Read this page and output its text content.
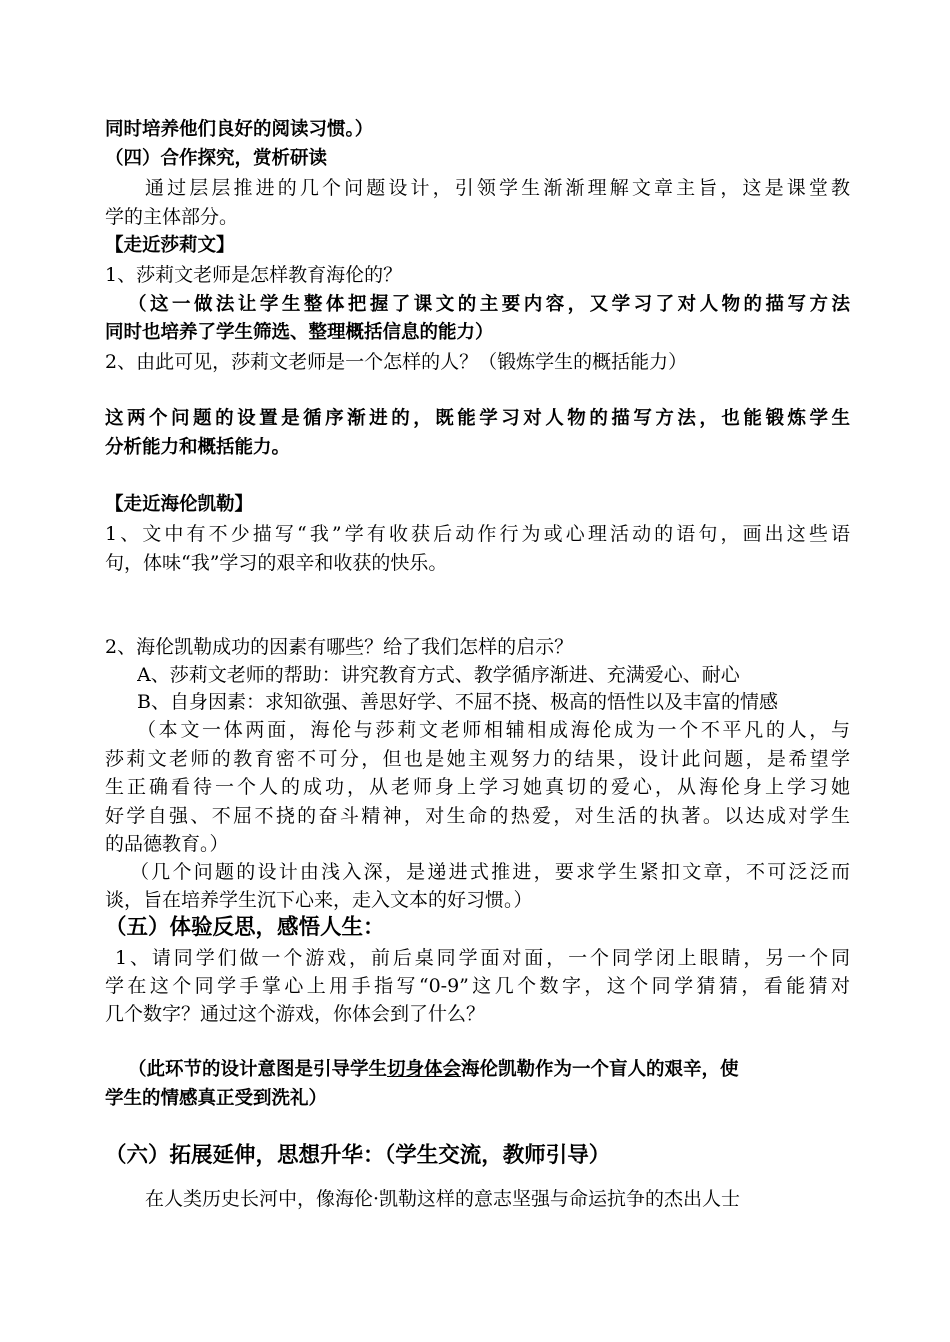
同时培养他们良好的阅读习惯。）
（四）合作探究，赏析研读
通过层层推进的几个问题设计，引领学生渐渐理解文章主旨，这是课堂教
学的主体部分。
【走近莎莉文】
1、莎莉文老师是怎样教育海伦的？
（这一做法让学生整体把握了课文的主要内容，又学习了对人物的描写方法
同时也培养了学生筛选、整理概括信息的能力）
2、由此可见，莎莉文老师是一个怎样的人？（锻炼学生的概括能力）
这两个问题的设置是循序渐进的，既能学习对人物的描写方法，也能锻炼学生
分析能力和概括能力。
【走近海伦凯勒】
1、文中有不少描写“我”学有收获后动作行为或心理活动的语句，画出这些语
句，体味“我”学习的艰辛和收获的快乐。
2、海伦凯勒成功的因素有哪些？给了我们怎样的启示？
A、莎莉文老师的帮助：讲究教育方式、教学循序渐进、充满爱心、耐心
B、自身因素：求知欲强、善思好学、不屈不挠、极高的悟性以及丰富的情感
（本文一体两面，海伦与莎莉文老师相辅相成海伦成为一个不平凡的人，与
莎莉文老师的教育密不可分，但也是她主观努力的结果，设计此问题，是希望学
生正确看待一个人的成功，从老师身上学习她真切的爱心，从海伦身上学习她
好学自强、不屈不挠的奋斗精神，对生命的热爱，对生活的执著。以达成对学生
的品德教育。）
（几个问题的设计由浅入深，是递进式推进，要求学生紧扣文章，不可泛泛而
谈，旨在培养学生沉下心来，走入文本的好习惯。）
（五）体验反思，感悟人生：
1、请同学们做一个游戏，前后桌同学面对面，一个同学闭上眼睛，另一个同
学在这个同学手掌心上用手指写“0-9”这几个数字，这个同学猜猜，看能猜对
几个数字？通过这个游戏，你体会到了什么？
（此环节的设计意图是引导学生切身体会海伦凯勒作为一个盲人的艰辛，使
学生的情感真正受到洗礼）
（六）拓展延伸，思想升华：（学生交流，教师引导）
在人类历史长河中，像海伦·凯勒这样的意志坚强与命运抗争的杰出人士
